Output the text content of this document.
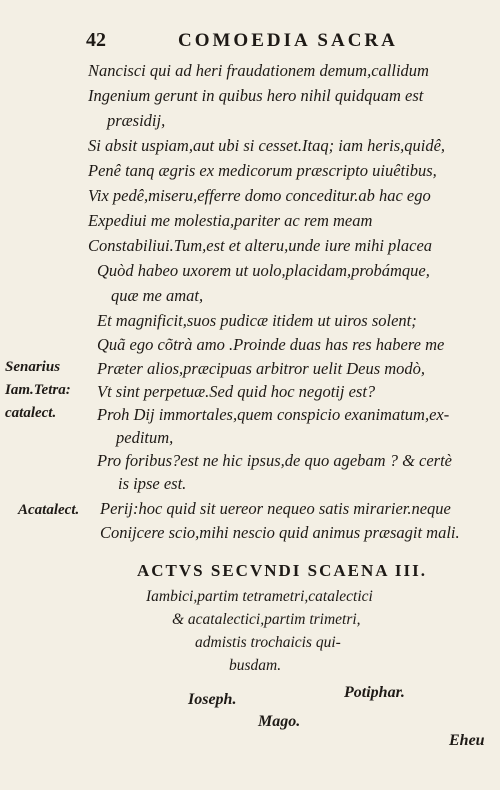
42	COMOEDIA SACRA
Nancisci qui ad heri fraudationem demum,callidum
Ingenium gerunt in quibus hero nihil quidquam est
præsidij,
Si absit uspiam,aut ubi si cesset.Itaq; iam heris,quidê,
Penê tanq ægris ex medicorum præscripto uiuêtibus,
Vix pedê,miseru,efferre domo conceditur.ab hac ego
Expediui me molestia,pariter ac rem meam
Constabiliui.Tum,est et alteru,unde iure mihi placea
Quòd habeo uxorem ut uolo,placidam,probámque,
quæ me amat,
Et magnificit,suos pudicæ itidem ut uiros solent;
Quã ego cõtrà amo .Proinde duas has res habere me
Præter alios,præcipuas arbitror uelit Deus modò,
Vt sint perpetuæ.Sed quid hoc negotij est?
Proh Dij immortales,quem conspicio exanimatum,ex-
peditum,
Pro foribus?est ne hic ipsus,de quo agebam ? & certè
is ipse est.
Perij:hoc quid sit uereor nequeo satis mirarier.neque
Conijcere scio,mihi nescio quid animus præsagit mali.
Senarius
Iam.Tetra:
catalect.
Acatalect.
ACTVS SECVNDI SCAENA III.
Iambici,partim tetrametri,catalectici
& acatalectici,partim trimetri,
admistis trochaicis qui-
busdam.
Ioseph.	Potiphar.
Mago.
Eheu
